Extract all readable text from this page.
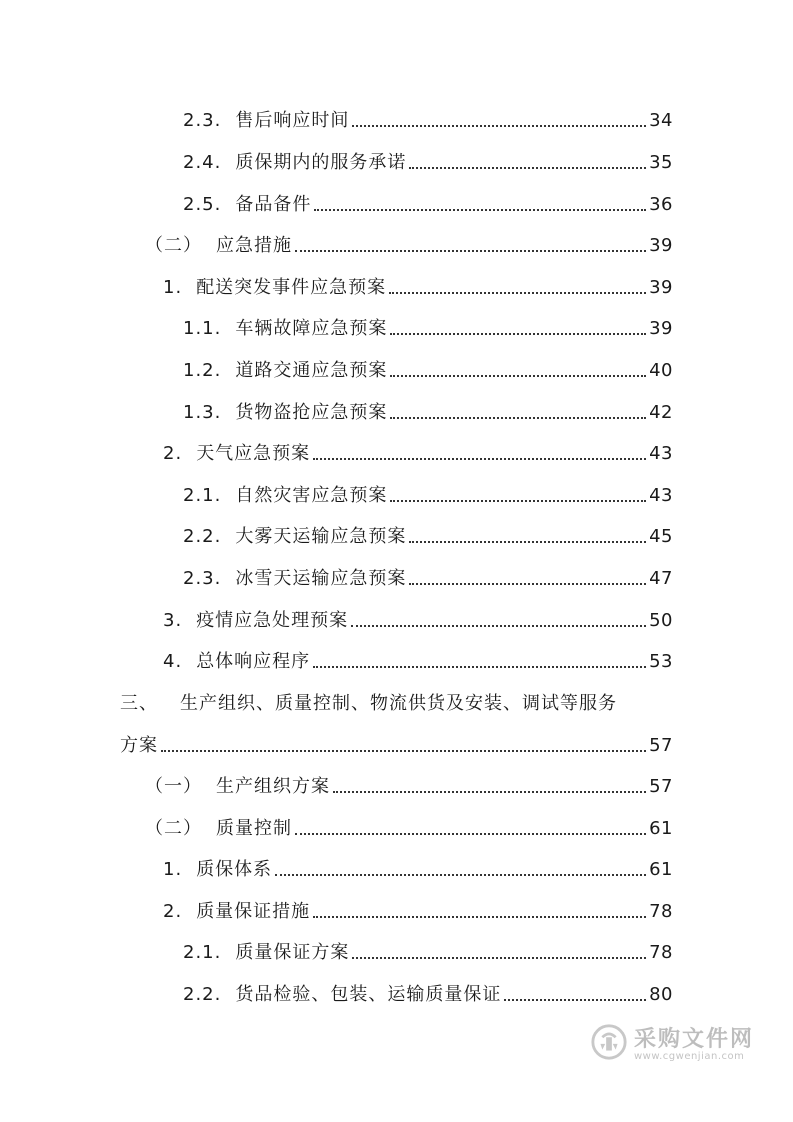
2.3. 售后响应时间	34
2.4. 质保期内的服务承诺	35
2.5. 备品备件	36
（二） 应急措施	39
1. 配送突发事件应急预案	39
1.1. 车辆故障应急预案	39
1.2. 道路交通应急预案	40
1.3. 货物盗抢应急预案	42
2. 天气应急预案	43
2.1. 自然灾害应急预案	43
2.2. 大雾天运输应急预案	45
2.3. 冰雪天运输应急预案	47
3. 疫情应急处理预案	50
4. 总体响应程序	53
三、 生产组织、质量控制、物流供货及安装、调试等服务
方案	57
（一） 生产组织方案	57
（二） 质量控制	61
1. 质保体系	61
2. 质量保证措施	78
2.1. 质量保证方案	78
2.2. 货品检验、包装、运输质量保证	80
采购文件网
www.cgwenjian.com
